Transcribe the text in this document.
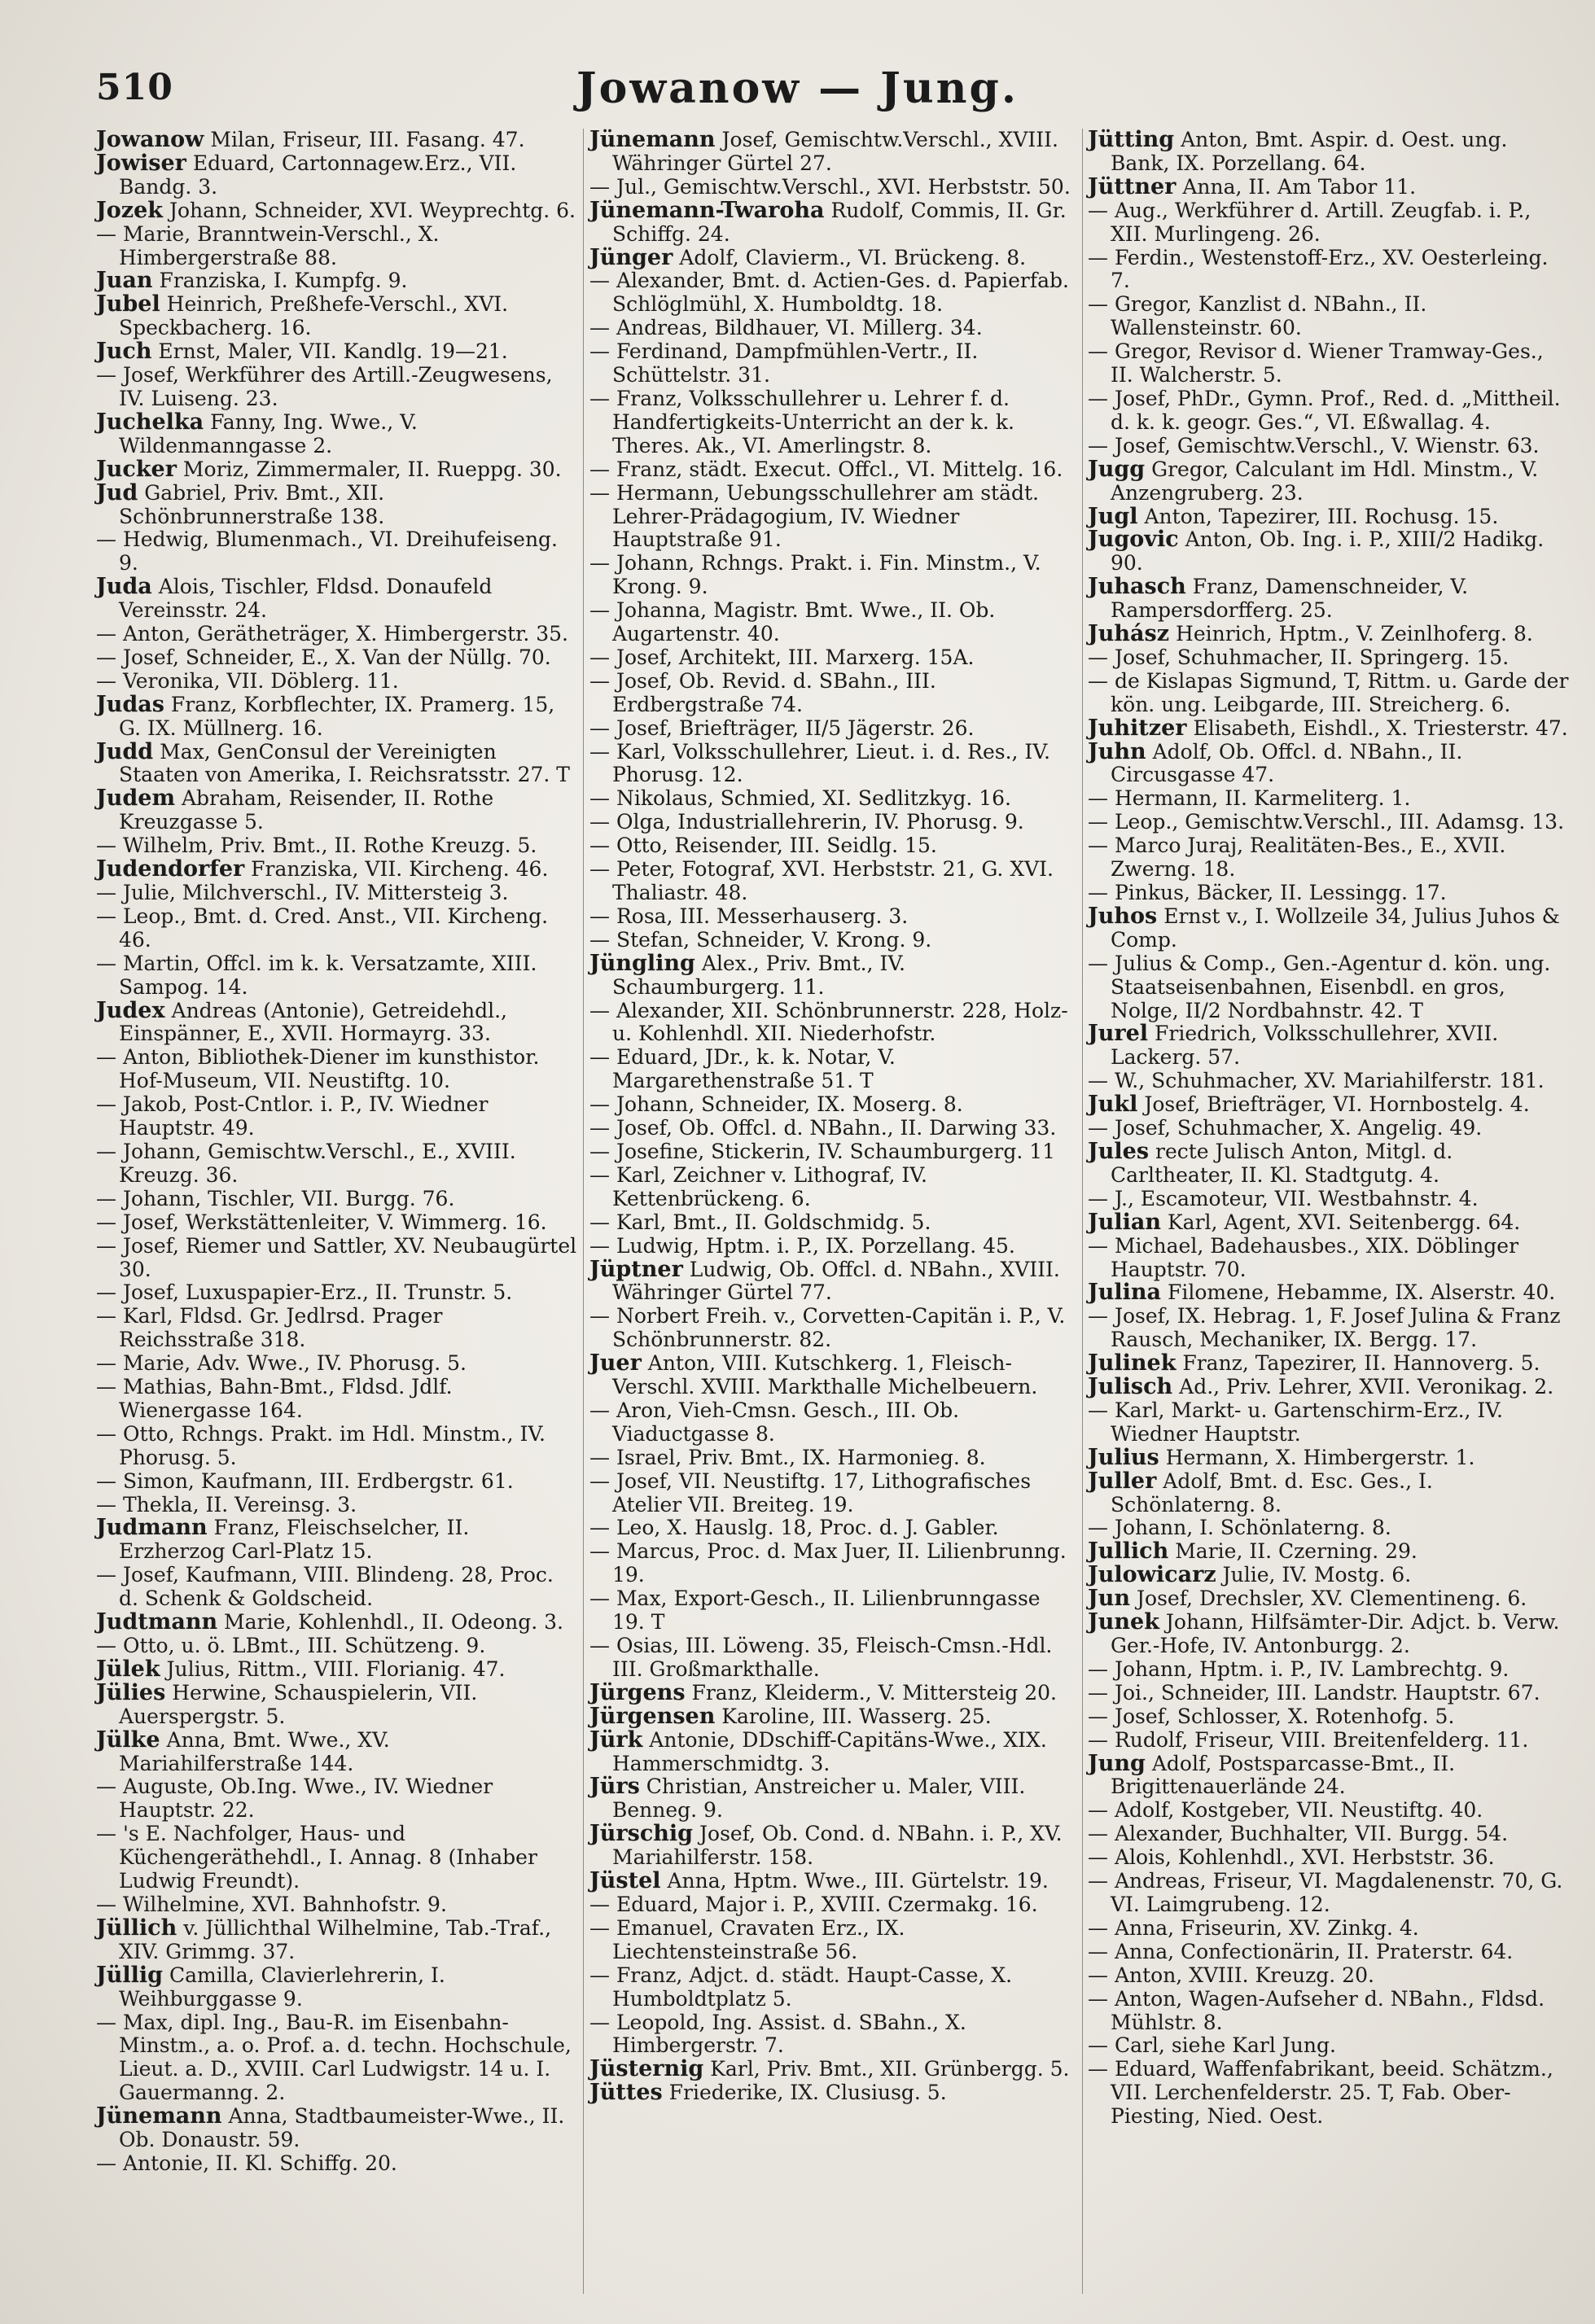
510	Jowanow — Jung.
Jowanow Milan, Friseur, III. Fasang. 47.
Jowiser Eduard, Cartonnagew.Erz., VII. Bandg. 3.
Jozek Johann, Schneider, XVI. Weyprechtg. 6.
— Marie, Branntwein-Verschl., X. Himbergerstraße 88.
Juan Franziska, I. Kumpfg. 9.
Jubel Heinrich, Preßhefe-Verschl., XVI. Speckbacherg. 16.
Juch Ernst, Maler, VII. Kandlg. 19—21.
— Josef, Werkführer des Artill.-Zeugwesens, IV. Luiseng. 23.
Juchelka Fanny, Ing. Wwe., V. Wildenmanngasse 2.
Jucker Moriz, Zimmermaler, II. Rueppg. 30.
Jud Gabriel, Priv. Bmt., XII. Schönbrunnerstraße 138.
— Hedwig, Blumenmach., VI. Dreihufeiseng. 9.
Juda Alois, Tischler, Fldsd. Donaufeld Vereinsstr. 24.
— Anton, Gerätheträger, X. Himbergerstr. 35.
— Josef, Schneider, E., X. Van der Nüllg. 70.
— Veronika, VII. Döblerg. 11.
Judas Franz, Korbflechter, IX. Pramerg. 15, G. IX. Müllnerg. 16.
Judd Max, GenConsul der Vereinigten Staaten von Amerika, I. Reichsratsstr. 27. T
Judem Abraham, Reisender, II. Rothe Kreuzgasse 5.
— Wilhelm, Priv. Bmt., II. Rothe Kreuzg. 5.
Judendorfer Franziska, VII. Kircheng. 46.
— Julie, Milchverschl., IV. Mittersteig 3.
— Leop., Bmt. d. Cred. Anst., VII. Kircheng. 46.
— Martin, Offcl. im k. k. Versatzamte, XIII. Sampog. 14.
Judex Andreas (Antonie), Getreidehdl., Einspänner, E., XVII. Hormayrg. 33.
— Anton, Bibliothek-Diener im kunsthistor. Hof-Museum, VII. Neustiftg. 10.
— Jakob, Post-Cntlor. i. P., IV. Wiedner Hauptstr. 49.
— Johann, Gemischtw.Verschl., E., XVIII. Kreuzg. 36.
— Johann, Tischler, VII. Burgg. 76.
— Josef, Werkstättenleiter, V. Wimmerg. 16.
— Josef, Riemer und Sattler, XV. Neubaugürtel 30.
— Josef, Luxuspapier-Erz., II. Trunstr. 5.
— Karl, Fldsd. Gr. Jedlrsd. Prager Reichsstraße 318.
— Marie, Adv. Wwe., IV. Phorusg. 5.
— Mathias, Bahn-Bmt., Fldsd. Jdlf. Wienergasse 164.
— Otto, Rchngs. Prakt. im Hdl. Minstm., IV. Phorusg. 5.
— Simon, Kaufmann, III. Erdbergstr. 61.
— Thekla, II. Vereinsg. 3.
Judmann Franz, Fleischselcher, II. Erzherzog Carl-Platz 15.
— Josef, Kaufmann, VIII. Blindeng. 28, Proc. d. Schenk & Goldscheid.
Judtmann Marie, Kohlenhdl., II. Odeong. 3.
— Otto, u. ö. LBmt., III. Schützeng. 9.
Jülek Julius, Rittm., VIII. Florianig. 47.
Jülies Herwine, Schauspielerin, VII. Auerspergstr. 5.
Jülke Anna, Bmt. Wwe., XV. Mariahilferstraße 144.
— Auguste, Ob.Ing. Wwe., IV. Wiedner Hauptstr. 22.
— 's E. Nachfolger, Haus- und Küchengeräthehdl., I. Annag. 8 (Inhaber Ludwig Freundt).
— Wilhelmine, XVI. Bahnhofstr. 9.
Jüllich v. Jüllichthal Wilhelmine, Tab.-Traf., XIV. Grimmg. 37.
Jüllig Camilla, Clavierlehrerin, I. Weihburggasse 9.
— Max, dipl. Ing., Bau-R. im Eisenbahn-Minstm., a. o. Prof. a. d. techn. Hochschule, Lieut. a. D., XVIII. Carl Ludwigstr. 14 u. I. Gauermanng. 2.
Jünemann Anna, Stadtbaumeister-Wwe., II. Ob. Donaustr. 59.
— Antonie, II. Kl. Schiffg. 20.
Jünemann Josef, Gemischtw.Verschl., XVIII. Währinger Gürtel 27.
— Jul., Gemischtw.Verschl., XVI. Herbststr. 50.
Jünemann-Twaroha Rudolf, Commis, II. Gr. Schiffg. 24.
Jünger Adolf, Clavierm., VI. Brückeng. 8.
— Alexander, Bmt. d. Actien-Ges. d. Papierfab. Schlöglmühl, X. Humboldtg. 18.
— Andreas, Bildhauer, VI. Millerg. 34.
— Ferdinand, Dampfmühlen-Vertr., II. Schüttelstr. 31.
— Franz, Volksschullehrer u. Lehrer f. d. Handfertigkeits-Unterricht an der k. k. Theres. Ak., VI. Amerlingstr. 8.
— Franz, städt. Execut. Offcl., VI. Mittelg. 16.
— Hermann, Uebungsschullehrer am städt. Lehrer-Prädagogium, IV. Wiedner Hauptstraße 91.
— Johann, Rchngs. Prakt. i. Fin. Minstm., V. Krong. 9.
— Johanna, Magistr. Bmt. Wwe., II. Ob. Augartenstr. 40.
— Josef, Architekt, III. Marxerg. 15A.
— Josef, Ob. Revid. d. SBahn., III. Erdbergstraße 74.
— Josef, Briefträger, II/5 Jägerstr. 26.
— Karl, Volksschullehrer, Lieut. i. d. Res., IV. Phorusg. 12.
— Nikolaus, Schmied, XI. Sedlitzkyg. 16.
— Olga, Industriallehrerin, IV. Phorusg. 9.
— Otto, Reisender, III. Seidlg. 15.
— Peter, Fotograf, XVI. Herbststr. 21, G. XVI. Thaliastr. 48.
— Rosa, III. Messerhauserg. 3.
— Stefan, Schneider, V. Krong. 9.
Jüngling Alex., Priv. Bmt., IV. Schaumburgerg. 11.
— Alexander, XII. Schönbrunnerstr. 228, Holz- u. Kohlenhdl. XII. Niederhofstr.
— Eduard, JDr., k. k. Notar, V. Margarethenstraße 51. T
— Johann, Schneider, IX. Moserg. 8.
— Josef, Ob. Offcl. d. NBahn., II. Darwing 33.
— Josefine, Stickerin, IV. Schaumburgerg. 11
— Karl, Zeichner v. Lithograf, IV. Kettenbrückeng. 6.
— Karl, Bmt., II. Goldschmidg. 5.
— Ludwig, Hptm. i. P., IX. Porzellang. 45.
Jüptner Ludwig, Ob. Offcl. d. NBahn., XVIII. Währinger Gürtel 77.
— Norbert Freih. v., Corvetten-Capitän i. P., V. Schönbrunnerstr. 82.
Juer Anton, VIII. Kutschkerg. 1, Fleisch-Verschl. XVIII. Markthalle Michelbeuern.
— Aron, Vieh-Cmsn. Gesch., III. Ob. Viaductgasse 8.
— Israel, Priv. Bmt., IX. Harmonieg. 8.
— Josef, VII. Neustiftg. 17, Lithografisches Atelier VII. Breiteg. 19.
— Leo, X. Hauslg. 18, Proc. d. J. Gabler.
— Marcus, Proc. d. Max Juer, II. Lilienbrunng. 19.
— Max, Export-Gesch., II. Lilienbrunngasse 19. T
— Osias, III. Löweng. 35, Fleisch-Cmsn.-Hdl. III. Großmarkthalle.
Jürgens Franz, Kleiderm., V. Mittersteig 20.
Jürgensen Karoline, III. Wasserg. 25.
Jürk Antonie, DDschiff-Capitäns-Wwe., XIX. Hammerschmidtg. 3.
Jürs Christian, Anstreicher u. Maler, VIII. Benneg. 9.
Jürschig Josef, Ob. Cond. d. NBahn. i. P., XV. Mariahilferstr. 158.
Jüstel Anna, Hptm. Wwe., III. Gürtelstr. 19.
— Eduard, Major i. P., XVIII. Czermakg. 16.
— Emanuel, Cravaten Erz., IX. Liechtensteinstraße 56.
— Franz, Adjct. d. städt. Haupt-Casse, X. Humboldtplatz 5.
— Leopold, Ing. Assist. d. SBahn., X. Himbergerstr. 7.
Jüsternig Karl, Priv. Bmt., XII. Grünbergg. 5.
Jüttes Friederike, IX. Clusiusg. 5.
Jütting Anton, Bmt. Aspir. d. Oest. ung. Bank, IX. Porzellang. 64.
Jüttner Anna, II. Am Tabor 11.
— Aug., Werkführer d. Artill. Zeugfab. i. P., XII. Murlingeng. 26.
— Ferdin., Westenstoff-Erz., XV. Oesterleing. 7.
— Gregor, Kanzlist d. NBahn., II. Wallensteinstr. 60.
— Gregor, Revisor d. Wiener Tramway-Ges., II. Walcherstr. 5.
— Josef, PhDr., Gymn. Prof., Red. d. „Mittheil. d. k. k. geogr. Ges.“, VI. Eßwallag. 4.
— Josef, Gemischtw.Verschl., V. Wienstr. 63.
Jugg Gregor, Calculant im Hdl. Minstm., V. Anzengruberg. 23.
Jugl Anton, Tapezirer, III. Rochusg. 15.
Jugovic Anton, Ob. Ing. i. P., XIII/2 Hadikg. 90.
Juhasch Franz, Damenschneider, V. Rampersdorfferg. 25.
Juhász Heinrich, Hptm., V. Zeinlhoferg. 8.
— Josef, Schuhmacher, II. Springerg. 15.
— de Kislapas Sigmund, T, Rittm. u. Garde der kön. ung. Leibgarde, III. Streicherg. 6.
Juhitzer Elisabeth, Eishdl., X. Triesterstr. 47.
Juhn Adolf, Ob. Offcl. d. NBahn., II. Circusgasse 47.
— Hermann, II. Karmeliterg. 1.
— Leop., Gemischtw.Verschl., III. Adamsg. 13.
— Marco Juraj, Realitäten-Bes., E., XVII. Zwerng. 18.
— Pinkus, Bäcker, II. Lessingg. 17.
Juhos Ernst v., I. Wollzeile 34, Julius Juhos & Comp.
— Julius & Comp., Gen.-Agentur d. kön. ung. Staatseisenbahnen, Eisenbdl. en gros, Nolge, II/2 Nordbahnstr. 42. T
Jurel Friedrich, Volksschullehrer, XVII. Lackerg. 57.
— W., Schuhmacher, XV. Mariahilferstr. 181.
Jukl Josef, Briefträger, VI. Hornbostelg. 4.
— Josef, Schuhmacher, X. Angelig. 49.
Jules recte Julisch Anton, Mitgl. d. Carltheater, II. Kl. Stadtgutg. 4.
— J., Escamoteur, VII. Westbahnstr. 4.
Julian Karl, Agent, XVI. Seitenbergg. 64.
— Michael, Badehausbes., XIX. Döblinger Hauptstr. 70.
Julina Filomene, Hebamme, IX. Alserstr. 40.
— Josef, IX. Hebrag. 1, F. Josef Julina & Franz Rausch, Mechaniker, IX. Bergg. 17.
Julinek Franz, Tapezirer, II. Hannoverg. 5.
Julisch Ad., Priv. Lehrer, XVII. Veronikag. 2.
— Karl, Markt- u. Gartenschirm-Erz., IV. Wiedner Hauptstr.
Julius Hermann, X. Himbergerstr. 1.
Juller Adolf, Bmt. d. Esc. Ges., I. Schönlaterng. 8.
— Johann, I. Schönlaterng. 8.
Jullich Marie, II. Czerning. 29.
Julowicarz Julie, IV. Mostg. 6.
Jun Josef, Drechsler, XV. Clementineng. 6.
Junek Johann, Hilfsämter-Dir. Adjct. b. Verw. Ger.-Hofe, IV. Antonburgg. 2.
— Johann, Hptm. i. P., IV. Lambrechtg. 9.
— Joi., Schneider, III. Landstr. Hauptstr. 67.
— Josef, Schlosser, X. Rotenhofg. 5.
— Rudolf, Friseur, VIII. Breitenfelderg. 11.
Jung Adolf, Postsparcasse-Bmt., II. Brigittenauerlände 24.
— Adolf, Kostgeber, VII. Neustiftg. 40.
— Alexander, Buchhalter, VII. Burgg. 54.
— Alois, Kohlenhdl., XVI. Herbststr. 36.
— Andreas, Friseur, VI. Magdalenenstr. 70, G. VI. Laimgrubeng. 12.
— Anna, Friseurin, XV. Zinkg. 4.
— Anna, Confectionärin, II. Praterstr. 64.
— Anton, XVIII. Kreuzg. 20.
— Anton, Wagen-Aufseher d. NBahn., Fldsd. Mühlstr. 8.
— Carl, siehe Karl Jung.
— Eduard, Waffenfabrikant, beeid. Schätzm., VII. Lerchenfelderstr. 25. T, Fab. Ober-Piesting, Nied. Oest.
